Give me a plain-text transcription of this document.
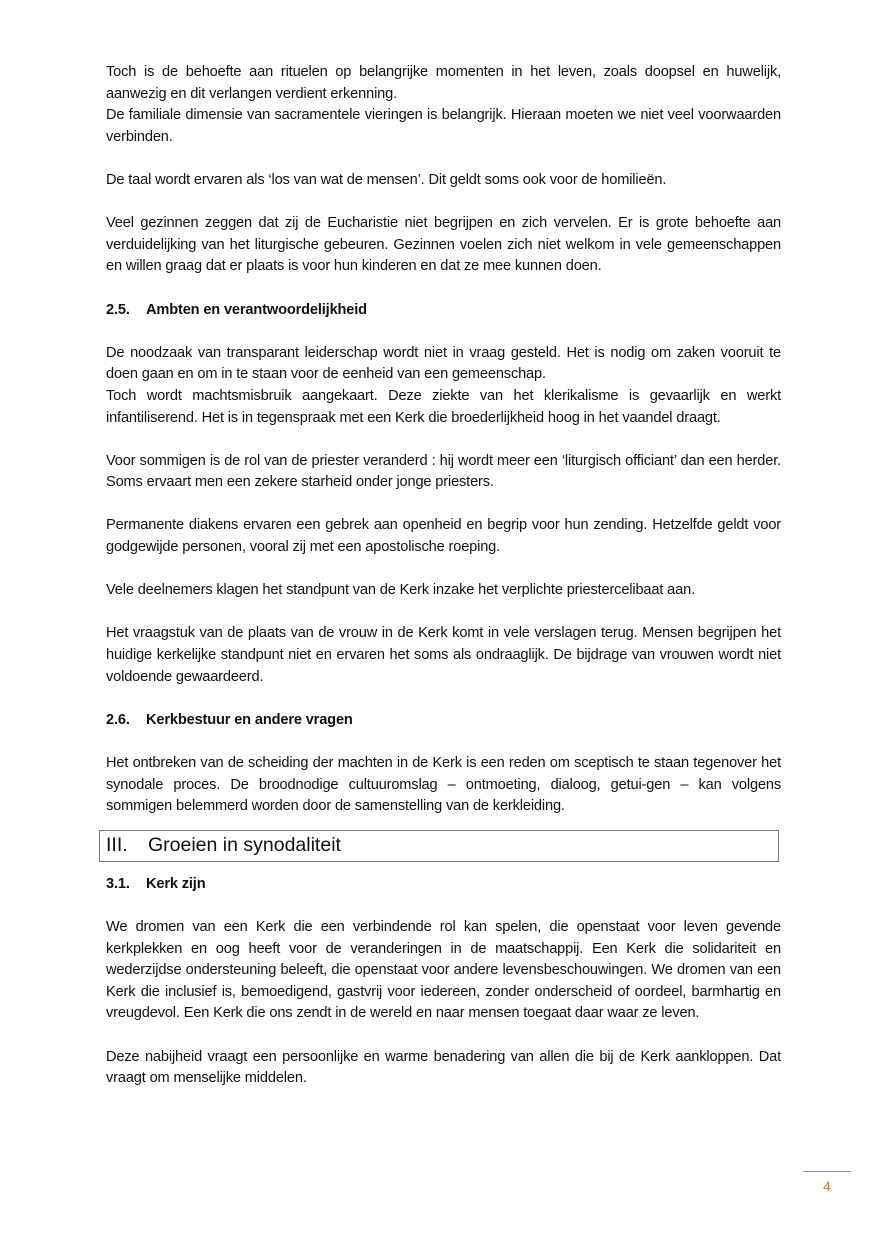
Toch is de behoefte aan rituelen op belangrijke momenten in het leven, zoals doopsel en huwelijk, aanwezig en dit verlangen verdient erkenning.

De familiale dimensie van sacramentele vieringen is belangrijk. Hieraan moeten we niet veel voorwaarden verbinden.

De taal wordt ervaren als ‘los van wat de mensen’. Dit geldt soms ook voor de homilieën.

Veel gezinnen zeggen dat zij de Eucharistie niet begrijpen en zich vervelen. Er is grote behoefte aan verduidelijking van het liturgische gebeuren. Gezinnen voelen zich niet welkom in vele gemeenschappen en willen graag dat er plaats is voor hun kinderen en dat ze mee kunnen doen.

2.5.	Ambten en verantwoordelijkheid

De noodzaak van transparant leiderschap wordt niet in vraag gesteld. Het is nodig om zaken vooruit te doen gaan en om in te staan voor de eenheid van een gemeenschap.

Toch wordt machtsmisbruik aangekaart. Deze ziekte van het klerikalisme is gevaarlijk en werkt infantiliserend. Het is in tegenspraak met een Kerk die broederlijkheid hoog in het vaandel draagt.

Voor sommigen is de rol van de priester veranderd : hij wordt meer een ‘liturgisch officiant’ dan een herder. Soms ervaart men een zekere starheid onder jonge priesters.

Permanente diakens ervaren een gebrek aan openheid en begrip voor hun zending. Hetzelfde geldt voor godgewijde personen, vooral zij met een apostolische roeping.

Vele deelnemers klagen het standpunt van de Kerk inzake het verplichte priestercelibaat aan.

Het vraagstuk van de plaats van de vrouw in de Kerk komt in vele verslagen terug. Mensen begrijpen het huidige kerkelijke standpunt niet en ervaren het soms als ondraaglijk. De bijdrage van vrouwen wordt niet voldoende gewaardeerd.

2.6.	Kerkbestuur en andere vragen

Het ontbreken van de scheiding der machten in de Kerk is een reden om sceptisch te staan tegenover het synodale proces. De broodnodige cultuuromslag – ontmoeting, dialoog, getui-gen – kan volgens sommigen belemmerd worden door de samenstelling van de kerkleiding.

III.	Groeien in synodaliteit
3.1.	Kerk zijn

We dromen van een Kerk die een verbindende rol kan spelen, die openstaat voor leven gevende kerkplekken en oog heeft voor de veranderingen in de maatschappij. Een Kerk die solidariteit en wederzijdse ondersteuning beleeft, die openstaat voor andere levensbeschouwingen. We dromen van een Kerk die inclusief is, bemoedigend, gastvrij voor iedereen, zonder onderscheid of oordeel, barmhartig en vreugdevol. Een Kerk die ons zendt in de wereld en naar mensen toegaat daar waar ze leven.

Deze nabijheid vraagt een persoonlijke en warme benadering van allen die bij de Kerk aankloppen. Dat vraagt om menselijke middelen.

4
